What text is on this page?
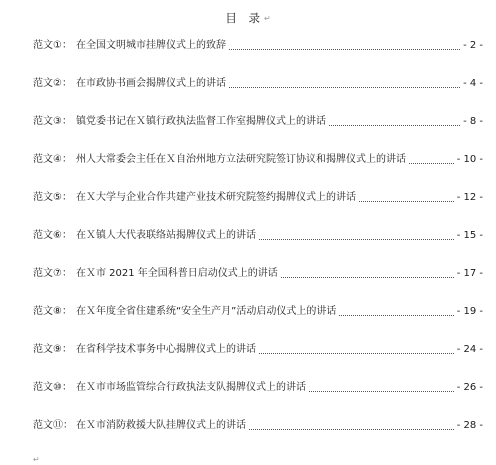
目 录↵
范文①： 在全国文明城市挂牌仪式上的致辞	- 2 -
范文②： 在市政协书画会揭牌仪式上的讲话	- 4 -
范文③： 镇党委书记在Ｘ镇行政执法监督工作室揭牌仪式上的讲话	- 8 -
范文④： 州人大常委会主任在Ｘ自治州地方立法研究院签订协议和揭牌仪式上的讲话	- 10 -
范文⑤： 在Ｘ大学与企业合作共建产业技术研究院签约揭牌仪式上的讲话	- 12 -
范文⑥： 在Ｘ镇人大代表联络站揭牌仪式上的讲话	- 15 -
范文⑦： 在Ｘ市 2021 年全国科普日启动仪式上的讲话	- 17 -
范文⑧： 在Ｘ年度全省住建系统“安全生产月”活动启动仪式上的讲话	- 19 -
范文⑨： 在省科学技术事务中心揭牌仪式上的讲话	- 24 -
范文⑩： 在Ｘ市市场监管综合行政执法支队揭牌仪式上的讲话	- 26 -
范文⑪： 在Ｘ市消防救援大队挂牌仪式上的讲话	- 28 -
↵
